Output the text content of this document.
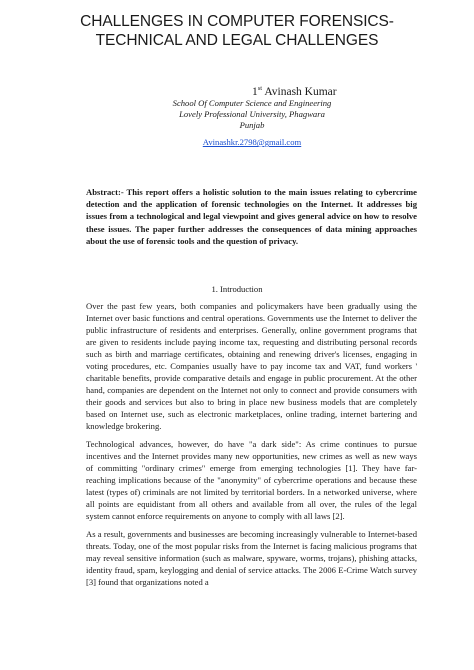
CHALLENGES IN COMPUTER FORENSICS-
TECHNICAL AND LEGAL CHALLENGES
1st Avinash Kumar
School Of Computer Science and Engineering
Lovely Professional University, Phagwara
Punjab
Avinashkr.2798@gmail.com
Abstract:- This report offers a holistic solution to the main issues relating to cybercrime detection and the application of forensic technologies on the Internet. It addresses big issues from a technological and legal viewpoint and gives general advice on how to resolve these issues. The paper further addresses the consequences of data mining approaches about the use of forensic tools and the question of privacy.
1. Introduction

Over the past few years, both companies and policymakers have been gradually using the Internet over basic functions and central operations. Governments use the Internet to deliver the public infrastructure of residents and enterprises. Generally, online government programs that are given to residents include paying income tax, requesting and distributing personal records such as birth and marriage certificates, obtaining and renewing driver's licenses, engaging in voting procedures, etc. Companies usually have to pay income tax and VAT, fund workers ' charitable benefits, provide comparative details and engage in public procurement. At the other hand, companies are dependent on the Internet not only to connect and provide consumers with their goods and services but also to bring in place new business models that are completely based on Internet use, such as electronic marketplaces, online trading, internet bartering and knowledge brokering.

Technological advances, however, do have "a dark side": As crime continues to pursue incentives and the Internet provides many new opportunities, new crimes as well as new ways of committing "ordinary crimes" emerge from emerging technologies [1]. They have far-reaching implications because of the "anonymity" of cybercrime operations and because these latest (types of) criminals are not limited by territorial borders. In a networked universe, where all points are equidistant from all others and available from all over, the rules of the legal system cannot enforce requirements on anyone to comply with all laws [2].

As a result, governments and businesses are becoming increasingly vulnerable to Internet-based threats. Today, one of the most popular risks from the Internet is facing malicious programs that may reveal sensitive information (such as malware, spyware, worms, trojans), phishing attacks, identity fraud, spam, keylogging and denial of service attacks. The 2006 E-Crime Watch survey [3] found that organizations noted a
